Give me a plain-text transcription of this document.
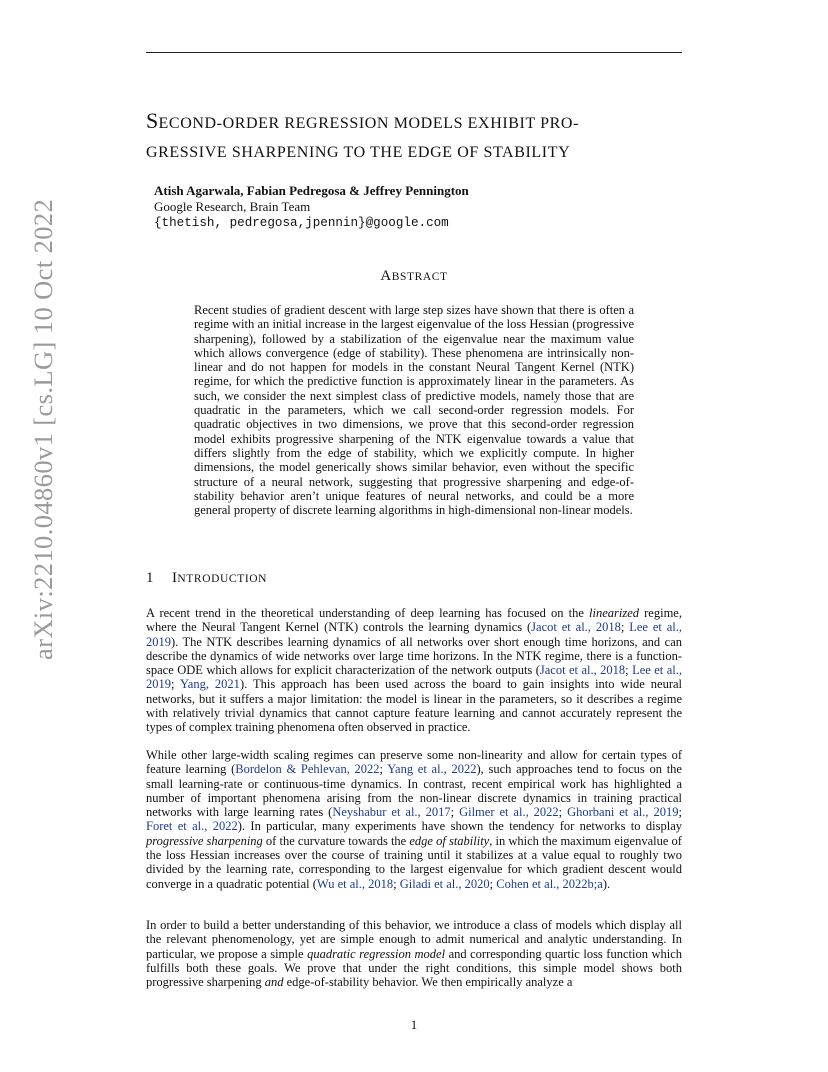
arXiv:2210.04860v1 [cs.LG] 10 Oct 2022
SECOND-ORDER REGRESSION MODELS EXHIBIT PRO-
GRESSIVE SHARPENING TO THE EDGE OF STABILITY
Atish Agarwala, Fabian Pedregosa & Jeffrey Pennington
Google Research, Brain Team
{thetish, pedregosa,jpennin}@google.com
ABSTRACT
Recent studies of gradient descent with large step sizes have shown that there is often a regime with an initial increase in the largest eigenvalue of the loss Hessian (progressive sharpening), followed by a stabilization of the eigenvalue near the maximum value which allows convergence (edge of stability). These phenomena are intrinsically non-linear and do not happen for models in the constant Neural Tangent Kernel (NTK) regime, for which the predictive function is approximately linear in the parameters. As such, we consider the next simplest class of predictive models, namely those that are quadratic in the parameters, which we call second-order regression models. For quadratic objectives in two dimensions, we prove that this second-order regression model exhibits progressive sharpening of the NTK eigenvalue towards a value that differs slightly from the edge of stability, which we explicitly compute. In higher dimensions, the model generically shows similar behavior, even without the specific structure of a neural network, suggesting that progressive sharpening and edge-of-stability behavior aren’t unique features of neural networks, and could be a more general property of discrete learning algorithms in high-dimensional non-linear models.
1 INTRODUCTION

A recent trend in the theoretical understanding of deep learning has focused on the linearized regime, where the Neural Tangent Kernel (NTK) controls the learning dynamics (Jacot et al., 2018; Lee et al., 2019). The NTK describes learning dynamics of all networks over short enough time horizons, and can describe the dynamics of wide networks over large time horizons. In the NTK regime, there is a function-space ODE which allows for explicit characterization of the network outputs (Jacot et al., 2018; Lee et al., 2019; Yang, 2021). This approach has been used across the board to gain insights into wide neural networks, but it suffers a major limitation: the model is linear in the parameters, so it describes a regime with relatively trivial dynamics that cannot capture feature learning and cannot accurately represent the types of complex training phenomena often observed in practice.

While other large-width scaling regimes can preserve some non-linearity and allow for certain types of feature learning (Bordelon & Pehlevan, 2022; Yang et al., 2022), such approaches tend to focus on the small learning-rate or continuous-time dynamics. In contrast, recent empirical work has highlighted a number of important phenomena arising from the non-linear discrete dynamics in training practical networks with large learning rates (Neyshabur et al., 2017; Gilmer et al., 2022; Ghorbani et al., 2019; Foret et al., 2022). In particular, many experiments have shown the tendency for networks to display progressive sharpening of the curvature towards the edge of stability, in which the maximum eigenvalue of the loss Hessian increases over the course of training until it stabilizes at a value equal to roughly two divided by the learning rate, corresponding to the largest eigenvalue for which gradient descent would converge in a quadratic potential (Wu et al., 2018; Giladi et al., 2020; Cohen et al., 2022b;a).

In order to build a better understanding of this behavior, we introduce a class of models which display all the relevant phenomenology, yet are simple enough to admit numerical and analytic understanding. In particular, we propose a simple quadratic regression model and corresponding quartic loss function which fulfills both these goals. We prove that under the right conditions, this simple model shows both progressive sharpening and edge-of-stability behavior. We then empirically analyze a

1
